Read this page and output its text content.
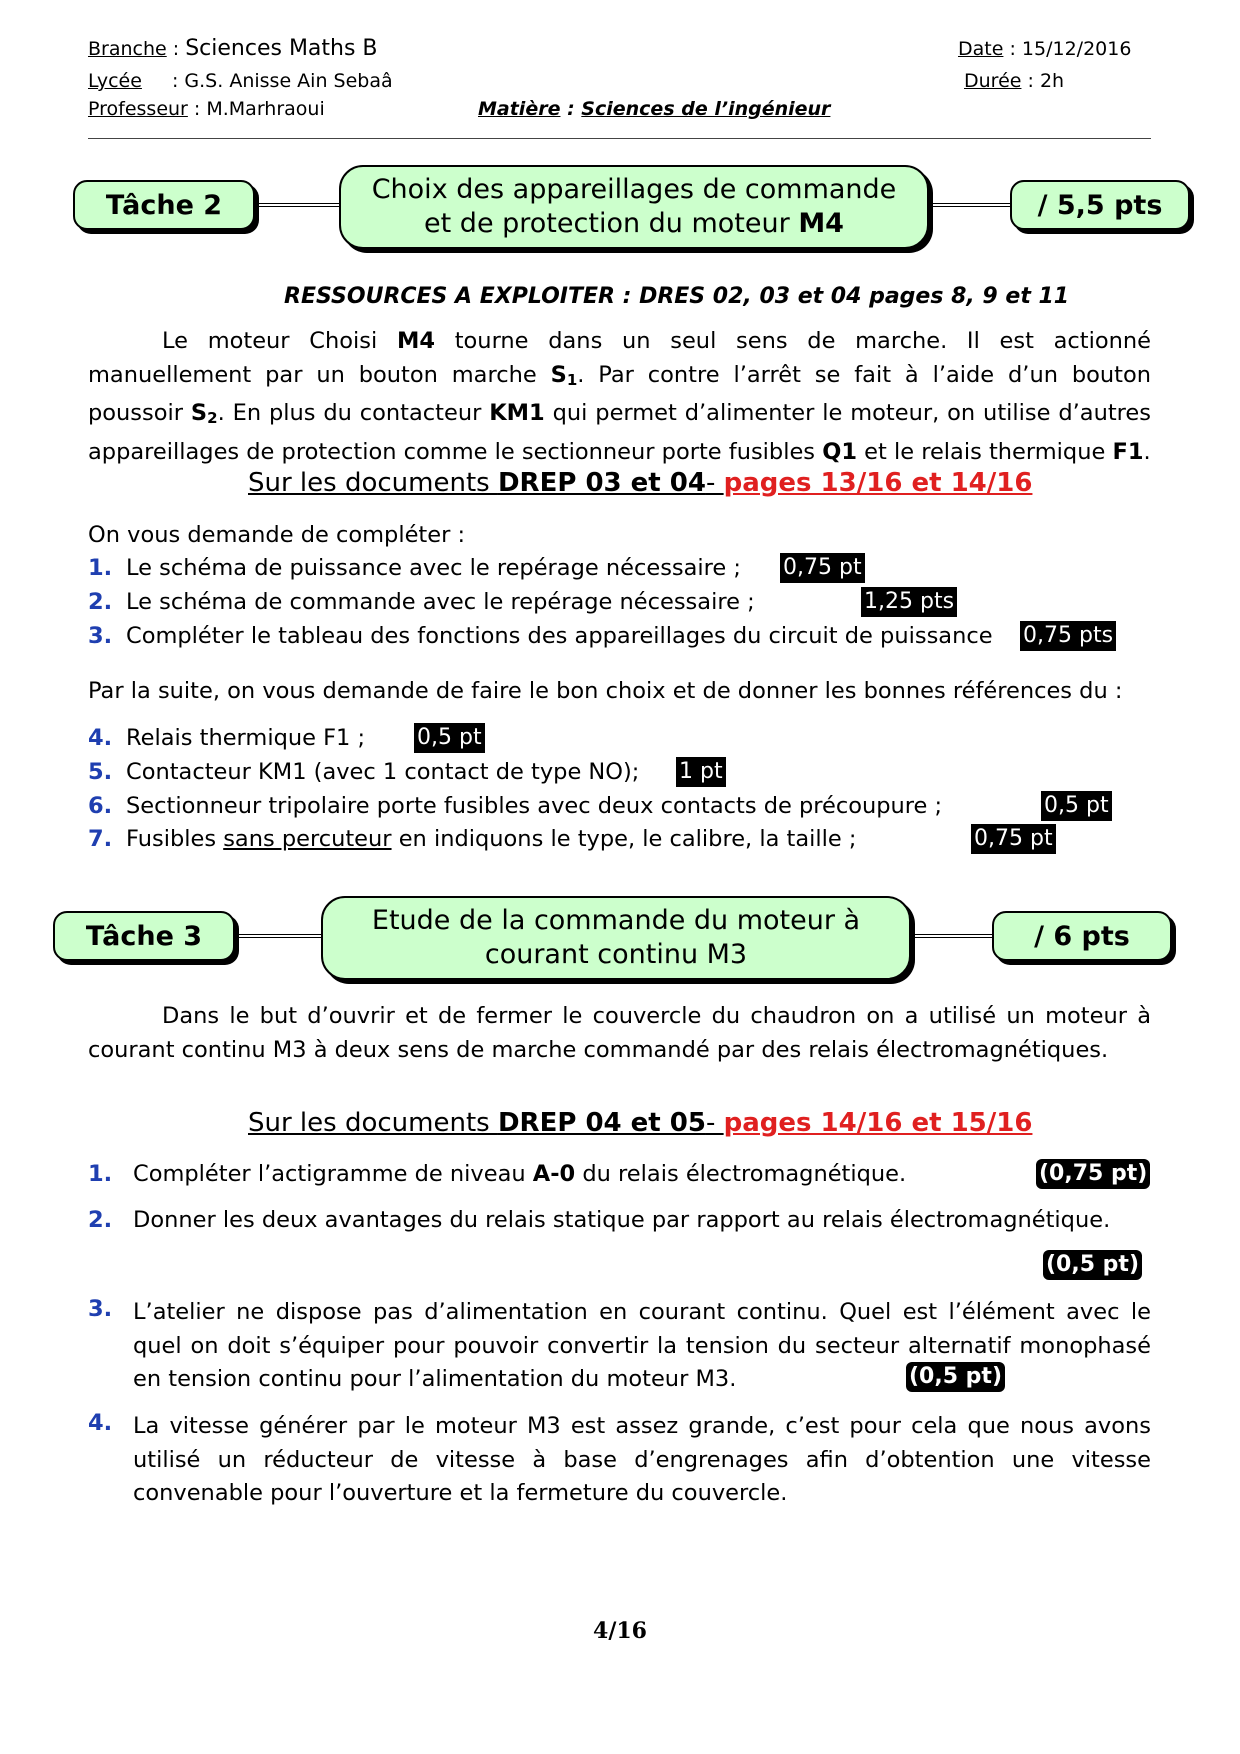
Branche : Sciences Maths B
Lycée : G.S. Anisse Ain Sebaâ
Professeur : M.Marhraoui	Matière : Sciences de l’ingénieur
Date : 15/12/2016
Durée : 2h
Tâche 2	Choix des appareillages de commande
et de protection du moteur M4
/ 5,5 pts
RESSOURCES A EXPLOITER : DRES 02, 03 et 04 pages 8, 9 et 11
Le moteur Choisi M4 tourne dans un seul sens de marche. Il est actionné manuellement par un bouton marche $S_1$. Par contre l’arrêt se fait à l’aide d’un bouton poussoir $S_2$. En plus du contacteur KM1 qui permet d’alimenter le moteur, on utilise d’autres appareillages de protection comme le sectionneur porte fusibles Q1 et le relais thermique F1.
Sur les documents DREP 03 et 04- pages 13/16 et 14/16
On vous demande de compléter :
1. Le schéma de puissance avec le repérage nécessaire ; 0,75 pt
2. Le schéma de commande avec le repérage nécessaire ;	1,25 pts
3. Compléter le tableau des fonctions des appareillages du circuit de puissance 0,75 pts
Par la suite, on vous demande de faire le bon choix et de donner les bonnes références du :
4. Relais thermique F1 ; 0,5 pt
5. Contacteur KM1 (avec 1 contact de type NO); 1 pt
6. Sectionneur tripolaire porte fusibles avec deux contacts de précoupure ;	0,5 pt
7. Fusibles sans percuteur en indiquons le type, le calibre, la taille ;	0,75 pt
Tâche 3	Etude de la commande du moteur à
courant continu M3
/ 6 pts
Dans le but d’ouvrir et de fermer le couvercle du chaudron on a utilisé un moteur à courant continu M3 à deux sens de marche commandé par des relais électromagnétiques.
Sur les documents DREP 04 et 05- pages 14/16 et 15/16
1. Compléter l’actigramme de niveau A-0 du relais électromagnétique.	(0,75 pt)
2. Donner les deux avantages du relais statique par rapport au relais électromagnétique.
(0,5 pt)
3. L’atelier ne dispose pas d’alimentation en courant continu. Quel est l’élément avec le quel on doit s’équiper pour pouvoir convertir la tension du secteur alternatif monophasé en tension continu pour l’alimentation du moteur M3.	(0,5 pt)
4. La vitesse générer par le moteur M3 est assez grande, c’est pour cela que nous avons utilisé un réducteur de vitesse à base d’engrenages afin d’obtention une vitesse convenable pour l’ouverture et la fermeture du couvercle.
4/16
